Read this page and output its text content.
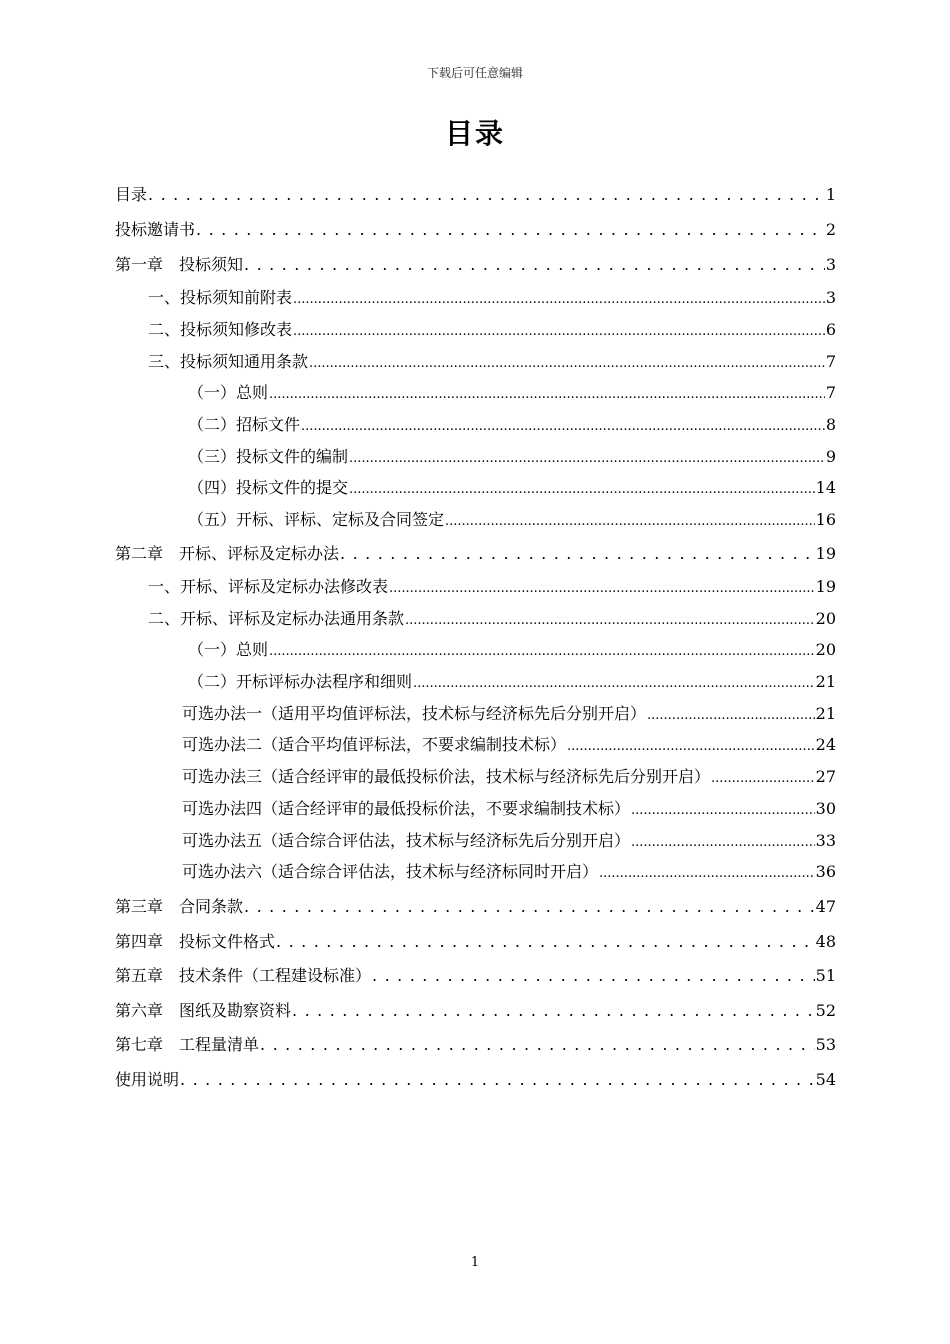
下载后可任意编辑
目录
目录 . . .	1
投标邀请书 . . .	2
第一章　投标须知 . . .	3
一、投标须知前附表 .....	3
二、投标须知修改表 .....	6
三、投标须知通用条款 .....	7
（一）总则 .....	7
（二）招标文件 .....	8
（三）投标文件的编制 .....	9
（四）投标文件的提交 .....	14
（五）开标、评标、定标及合同签定 .....	16
第二章　开标、评标及定标办法 . . .	19
一、开标、评标及定标办法修改表 .....	19
二、开标、评标及定标办法通用条款 .....	20
（一）总则 .....	20
（二）开标评标办法程序和细则 .....	21
可选办法一（适用平均值评标法，技术标与经济标先后分别开启） .....	21
可选办法二（适合平均值评标法，不要求编制技术标） .....	24
可选办法三（适合经评审的最低投标价法，技术标与经济标先后分别开启） .....	27
可选办法四（适合经评审的最低投标价法，不要求编制技术标） .....	30
可选办法五（适合综合评估法，技术标与经济标先后分别开启） .....	33
可选办法六（适合综合评估法，技术标与经济标同时开启） .....	36
第三章　合同条款 . . .	47
第四章　投标文件格式 . . .	48
第五章　技术条件（工程建设标准） . . .	51
第六章　图纸及勘察资料 . . .	52
第七章　工程量清单 . . .	53
使用说明 . . .	54
1
